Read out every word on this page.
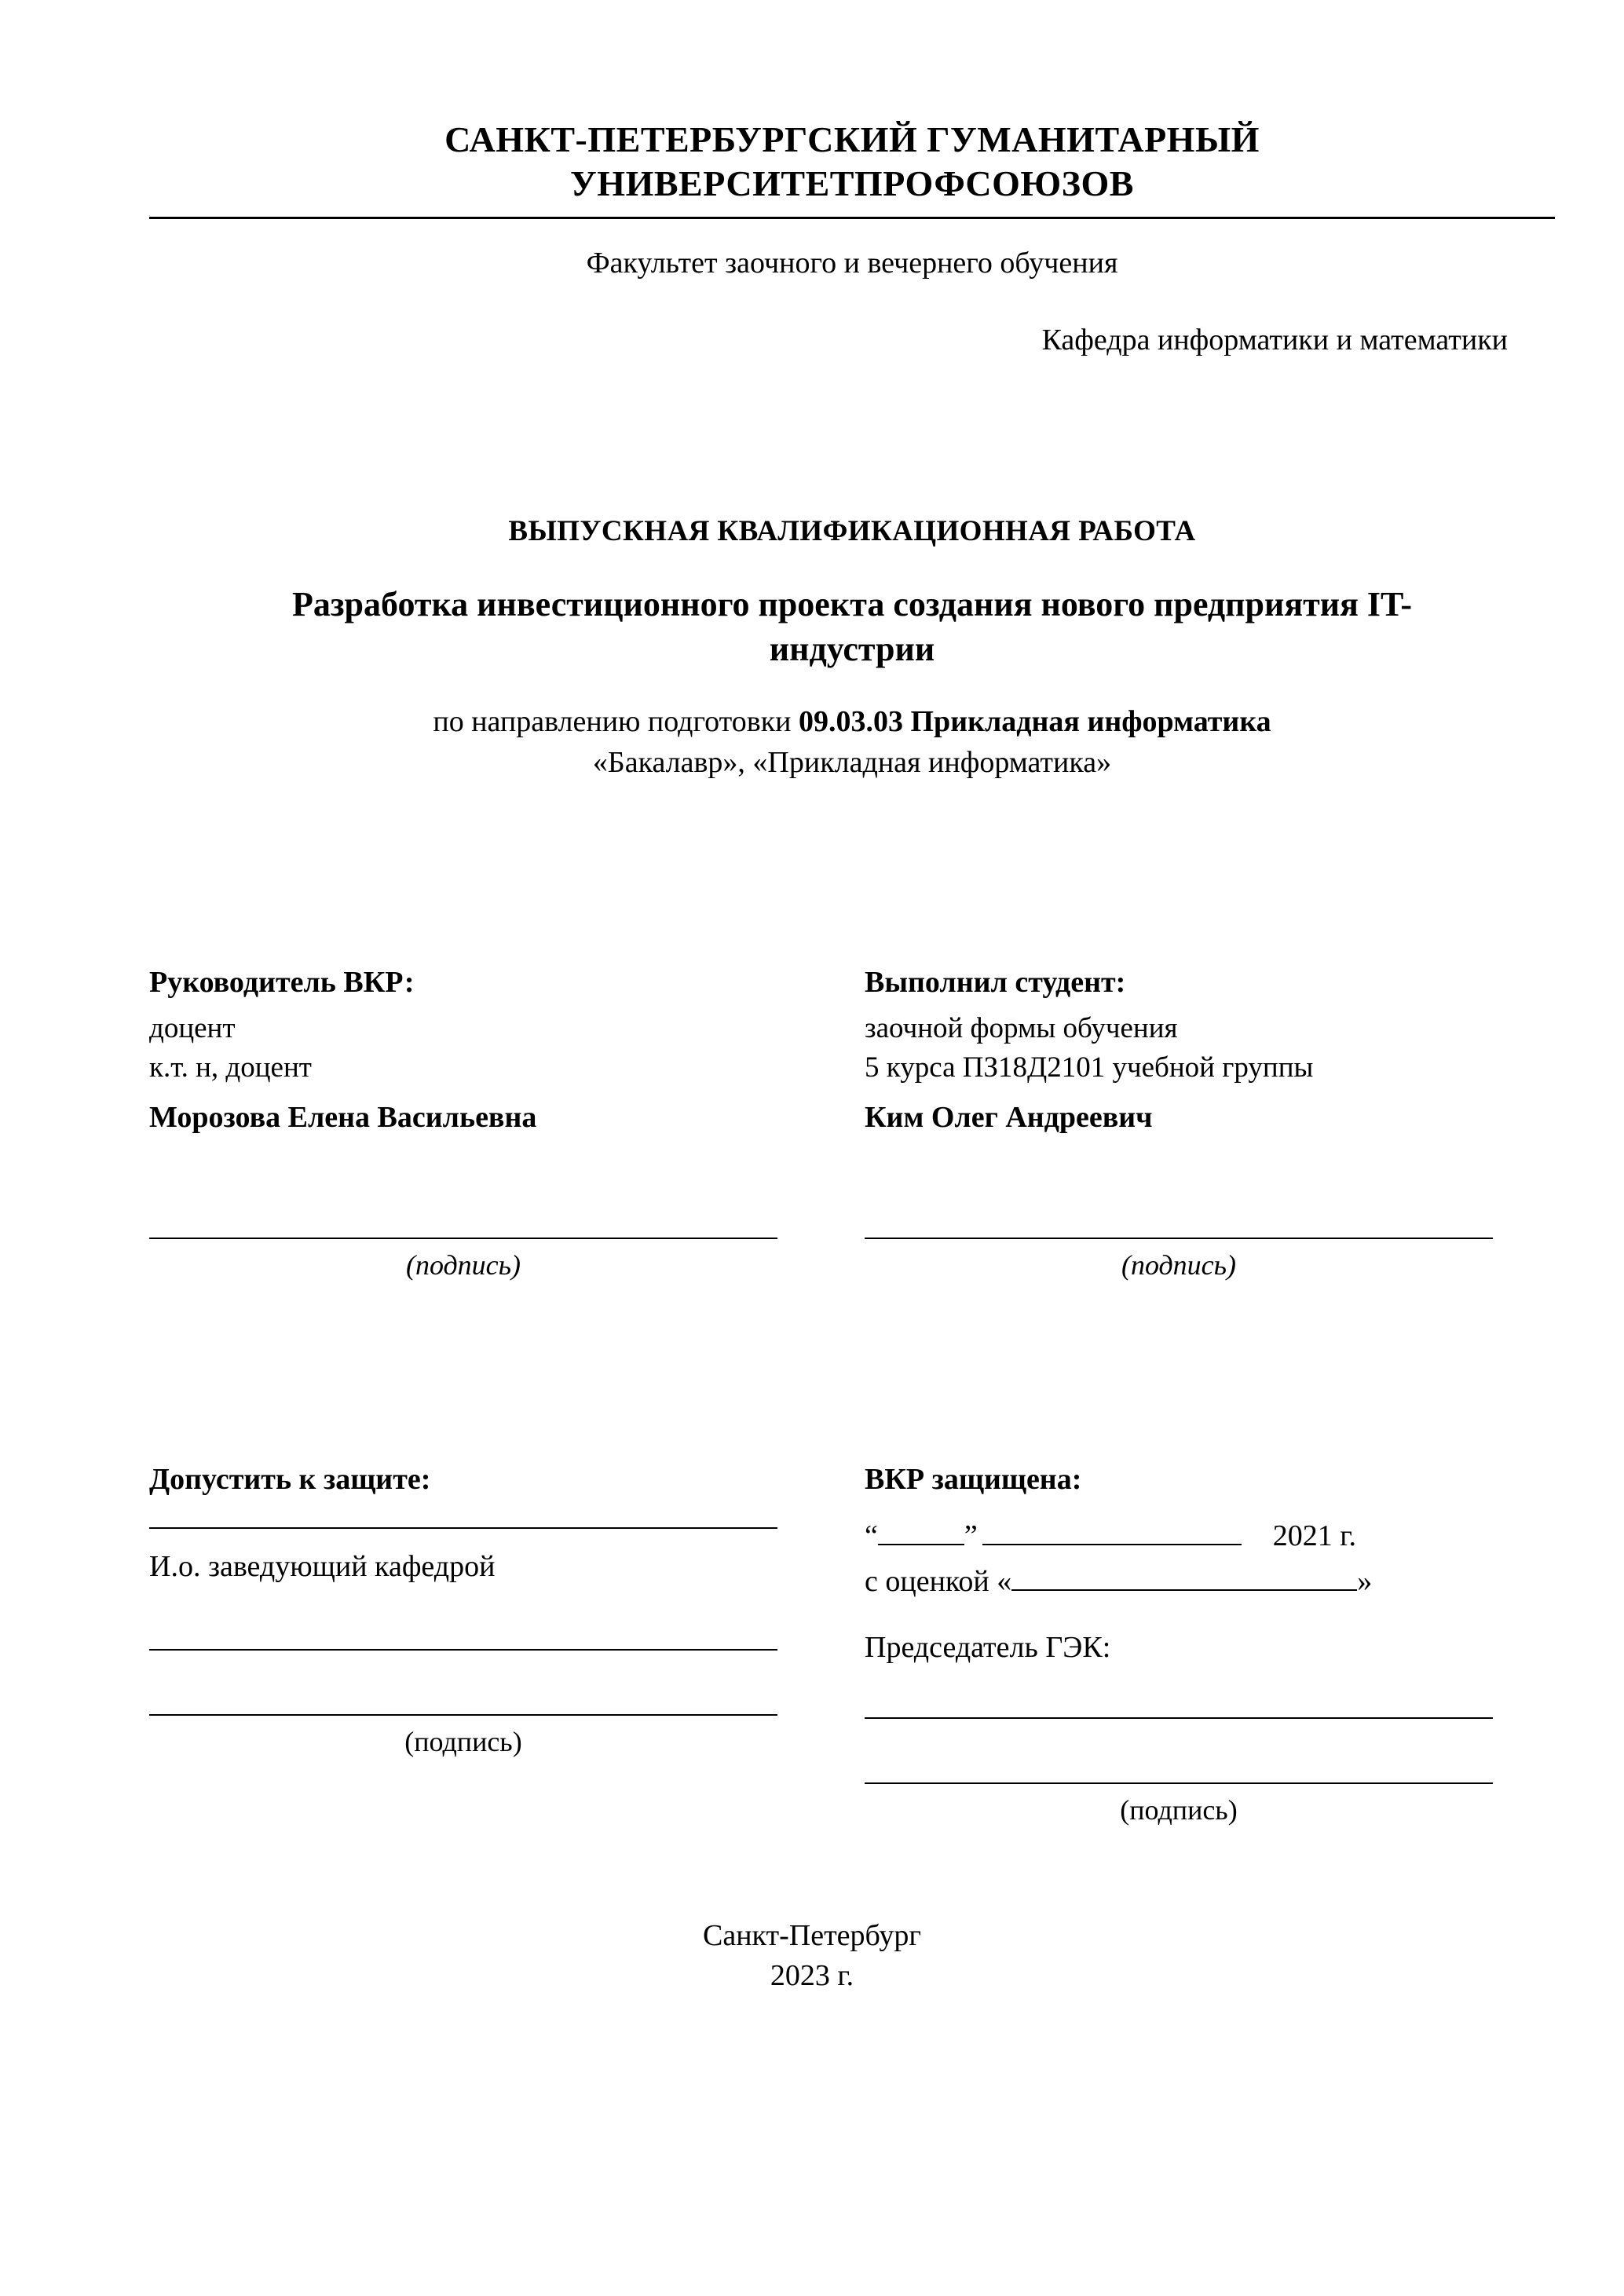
САНКТ-ПЕТЕРБУРГСКИЙ ГУМАНИТАРНЫЙ УНИВЕРСИТЕТПРОФСОЮЗОВ
Факультет заочного и вечернего обучения
Кафедра информатики и математики
ВЫПУСКНАЯ КВАЛИФИКАЦИОННАЯ РАБОТА
Разработка инвестиционного проекта создания нового предприятия IT-индустрии
по направлению подготовки 09.03.03 Прикладная информатика
«Бакалавр», «Прикладная информатика»
Руководитель ВКР:
доцент
к.т. н, доцент
Морозова Елена Васильевна
(подпись)
Выполнил студент:
заочной формы обучения
5 курса ПЗ18Д2101 учебной группы
Ким Олег Андреевич
(подпись)
Допустить к защите:
И.о. заведующий кафедрой
(подпись)
ВКР защищена:
“	”	2021 г.
с оценкой «	»
Председатель ГЭК:
(подпись)
Санкт-Петербург
2023 г.
